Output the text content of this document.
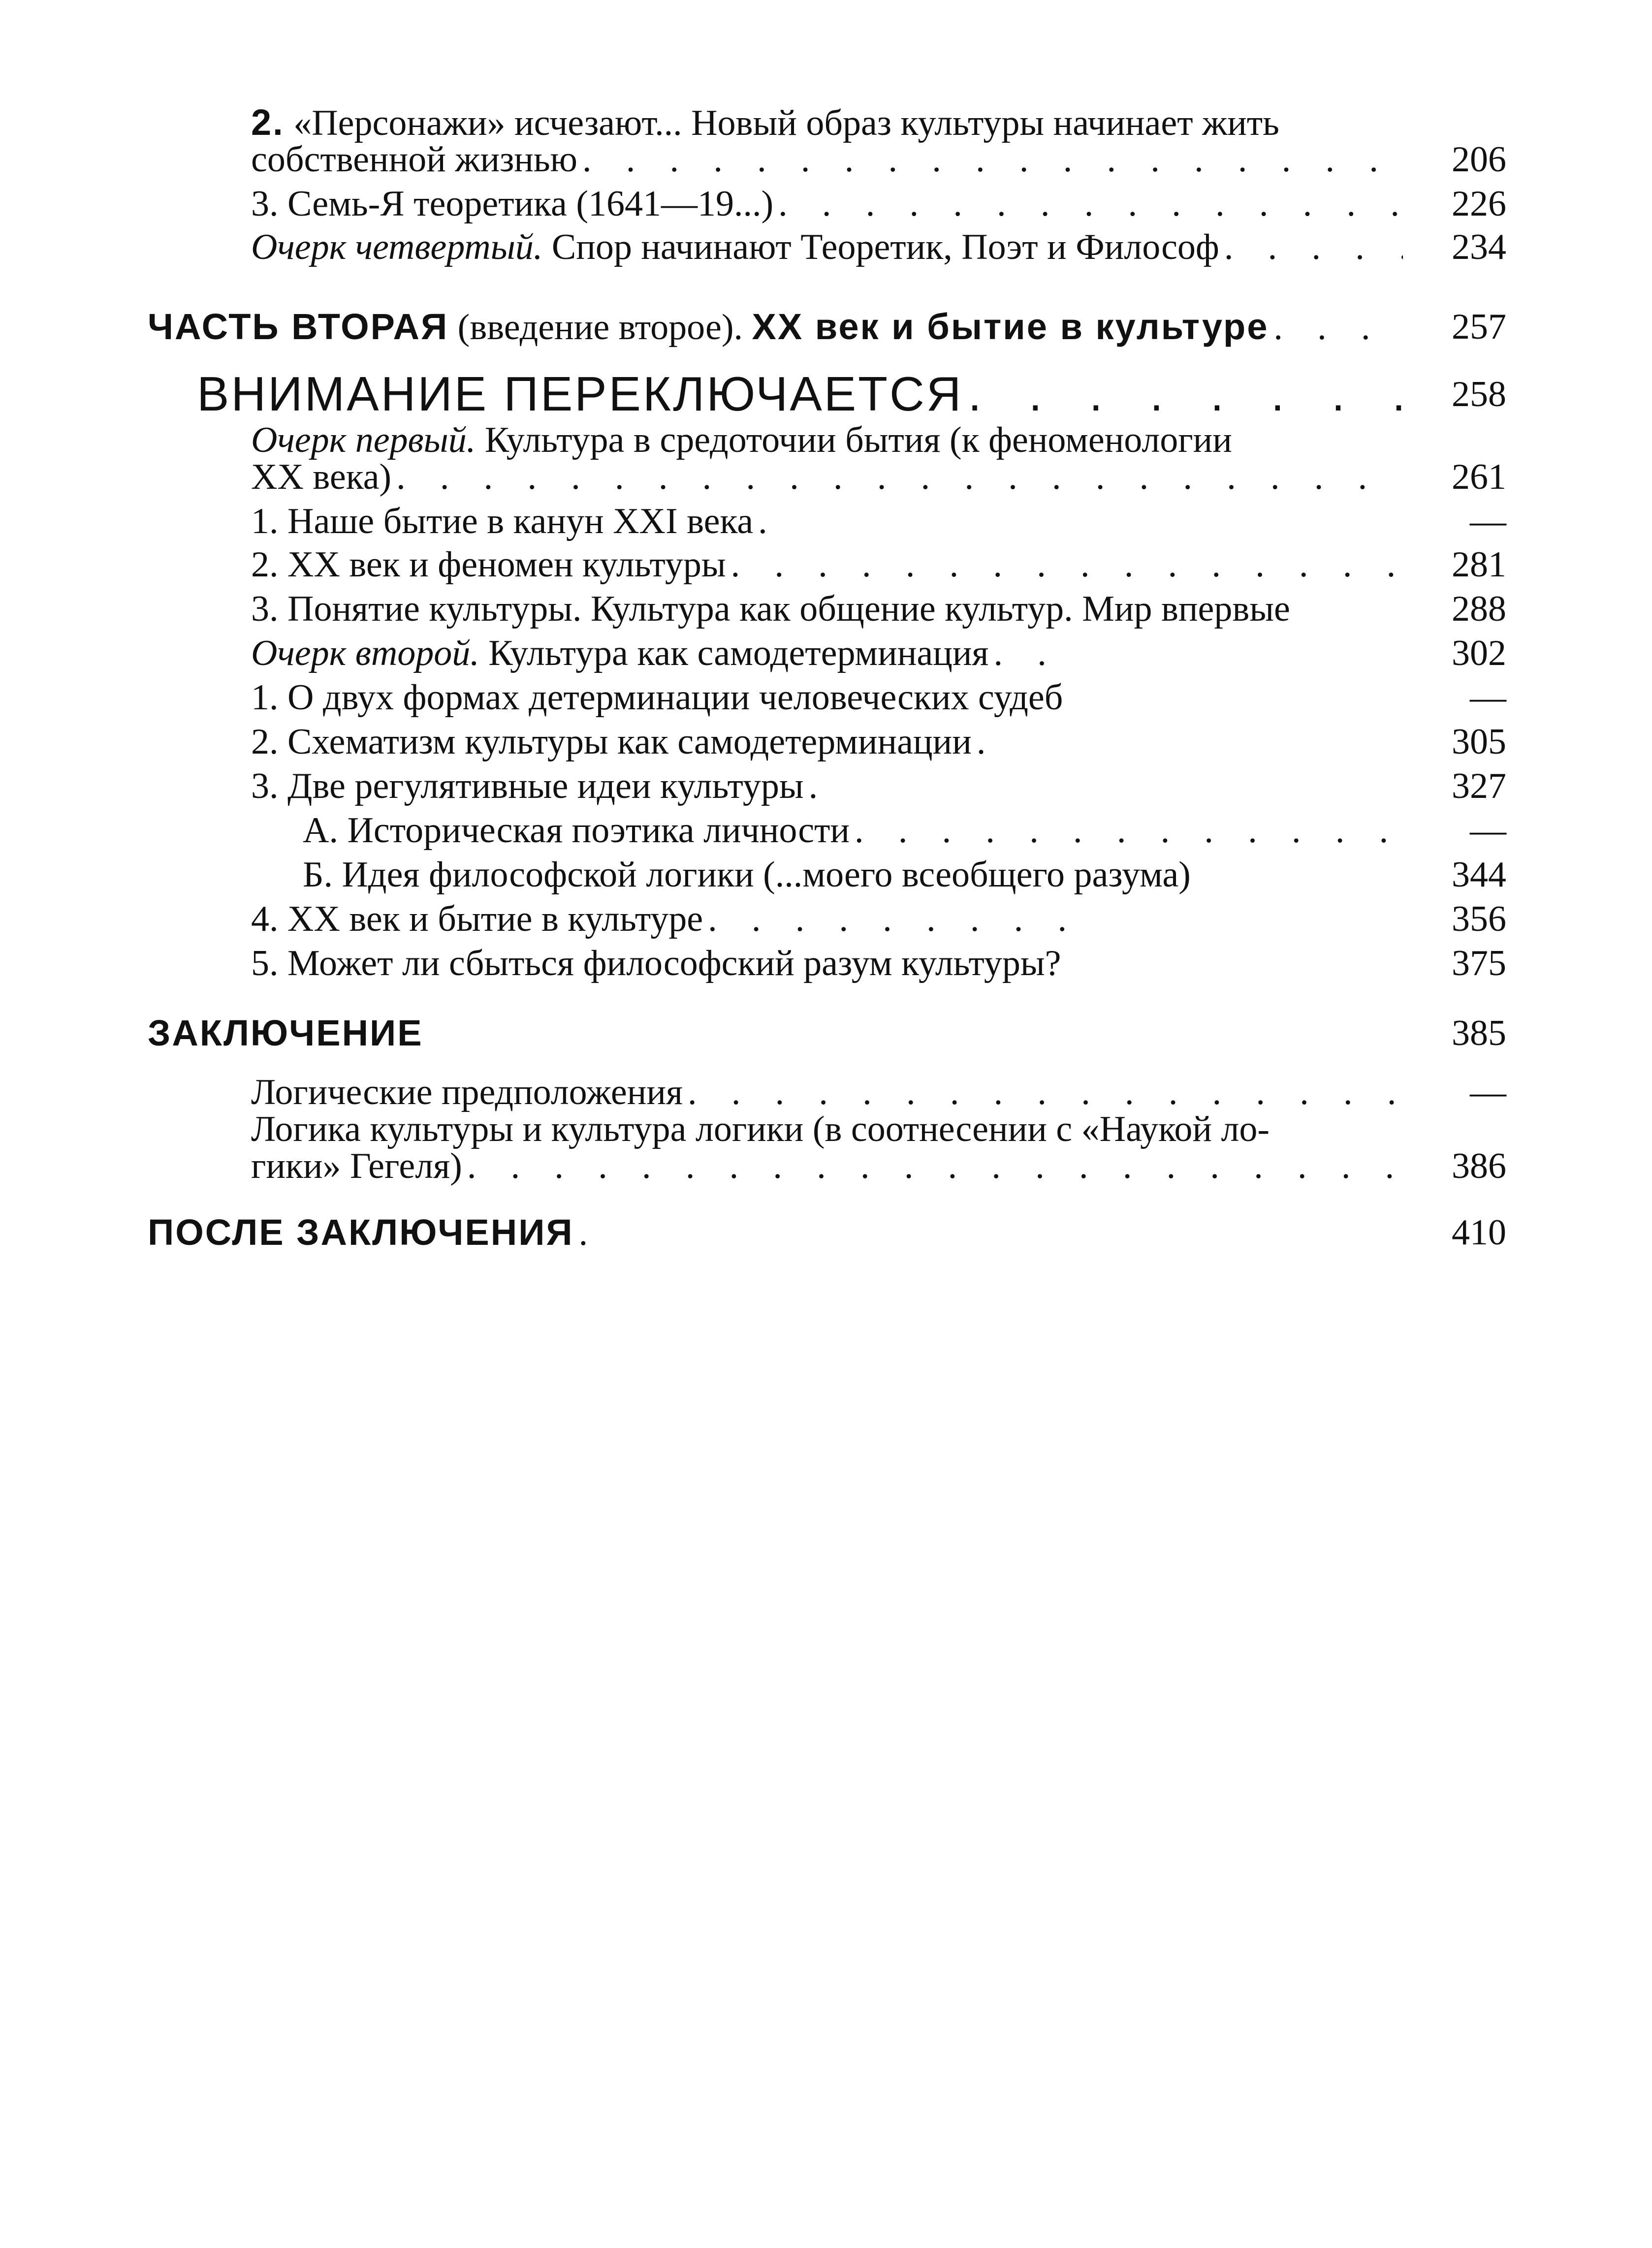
2.
«Персонажи» исчезают... Новый образ культуры начинает жить
собственной жизнью . . .	206
3. Семь-Я теоретика (1641—19...) . . .	226
Очерк четвертый.
Спор начинают Теоретик, Поэт и Философ . . .	234
ЧАСТЬ ВТОРАЯ
(введение второе).
XX век и бытие в культуре . . .	257
ВНИМАНИЕ ПЕРЕКЛЮЧАЕТСЯ . . .	258
Очерк первый. Культура в средоточии бытия (к феноменологии
XX века) . . .	261
1. Наше бытие в канун XXI века . . .	—
2. XX век и феномен культуры . . .	281
3. Понятие культуры. Культура как общение культур. Мир впервые	288
Очерк второй.
Культура как самодетерминация . . .	302
1. О двух формах детерминации человеческих судеб	—
2. Схематизм культуры как самодетерминации . . .	305
3. Две регулятивные идеи культуры . . .	327
А. Историческая поэтика личности . . .	—
Б. Идея философской логики (...моего всеобщего разума)	344
4. XX век и бытие в культуре . . .	356
5. Может ли сбыться философский разум культуры?	375
ЗАКЛЮЧЕНИЕ	385
Логические предположения . . .	—
Логика культуры и культура логики (в соотнесении с «Наукой ло-
гики» Гегеля) . . .	386
ПОСЛЕ ЗАКЛЮЧЕНИЯ . . .	410
